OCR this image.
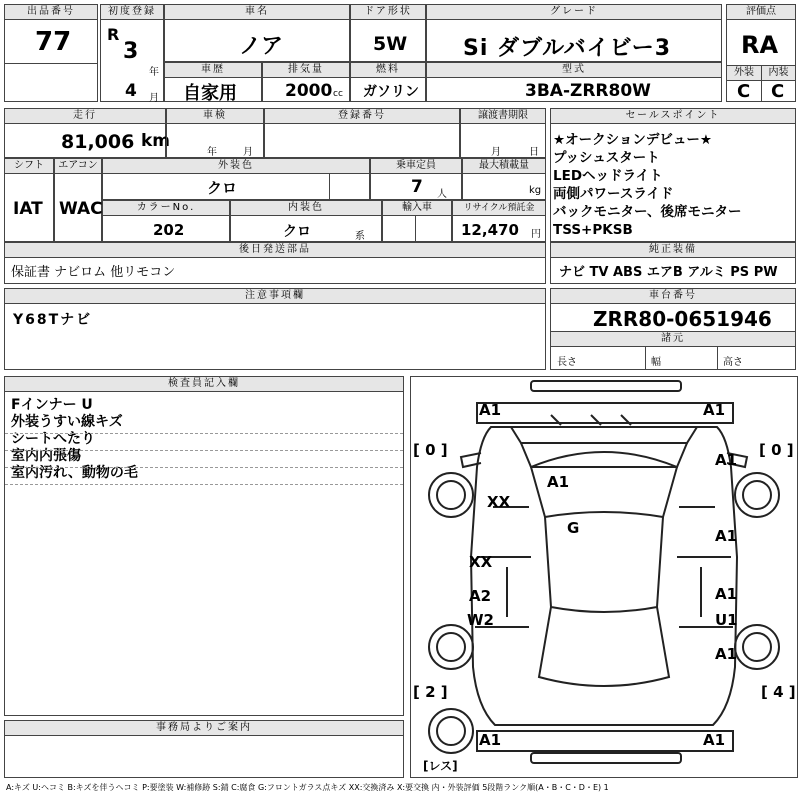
出品番号
77
初度登録
R
3
年
4 月
車名
ノア
ドア形状
5W
グレード
Si ダブルバイビー3
評価点
RA
外装	内装
C C
車歴
自家用
排気量
2000 cc
燃料
ガソリン
型式
3BA-ZRR80W
走行
81,006 km
車検
年	月
登録番号	譲渡書期限
月	日
シフト
IAT
エアコン
WAC
外装色
クロ
乗車定員
7 人
最大積載量
kg
カラーNo.
202
内装色
クロ	系
輸入車	リサイクル預託金
12,470 円
後日発送部品
保証書 ナビロム 他リモコン
セールスポイント
★オークションデビュー★
プッシュスタート
LEDヘッドライト
両側パワースライド
バックモニター、後席モニター
TSS+PKSB
純正装備
ナビ TV ABS エアB アルミ PS PW
注意事項欄
Y68Tナビ
車台番号
ZRR80-0651946
諸元
長さ	幅	高さ
検査員記入欄
Fインナー U
外装うすい線キズ
シートへたり
室内内張傷
室内汚れ、動物の毛
事務局よりご案内
[ 0 ]	[ 0 ]
[ 2 ]	[ 4 ]
[レス]
A1	A1
A1
A1
XX
A1
G
A1
XX
A2
A1
W2	U1
A1	A1
A:キズ U:ヘコミ B:キズを伴うヘコミ P:要塗装 W:補修跡 S:錆 C:腐食 G:フロントガラス点キズ XX:交換済み X:要交換 内・外装評価 5段階ランク順(A・B・C・D・E) 1
